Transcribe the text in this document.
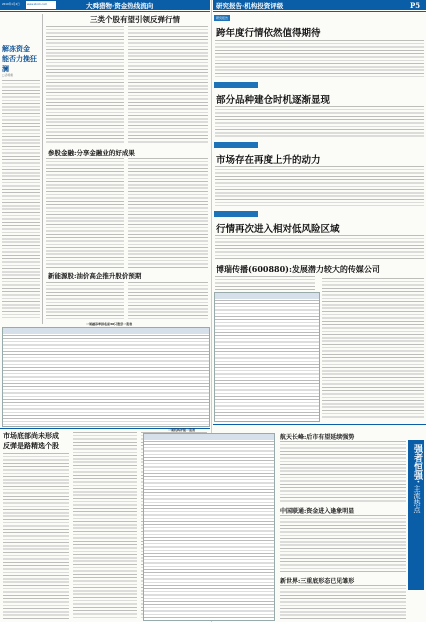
2010年1月4日	www.stock.com	大舜猎物·资金热线流向
解冻资金 能否力挽狂澜
□ 孙艳艳
三类个股有望引领反弹行情
参股金融:分享金融业的好成果
新能源股:油价高企推升股价预期
一周融券率排名前30只股票一览表
市场底部尚未形成
反弹是路精选个股
研究报告·机构投资评级	P5
研究报告
跨年度行情依然值得期待
部分品种建仓时机逐渐显现
市场存在再度上升的动力
行情再次进入相对低风险区域
博瑞传播(600880):发展潜力较大的传媒公司
一周机构评级一览表
航天长峰:后市有望延续强势
中国联通:资金进入逢象明显
新世界:三重底形态已见雏形
强者恒强·
主流热点
